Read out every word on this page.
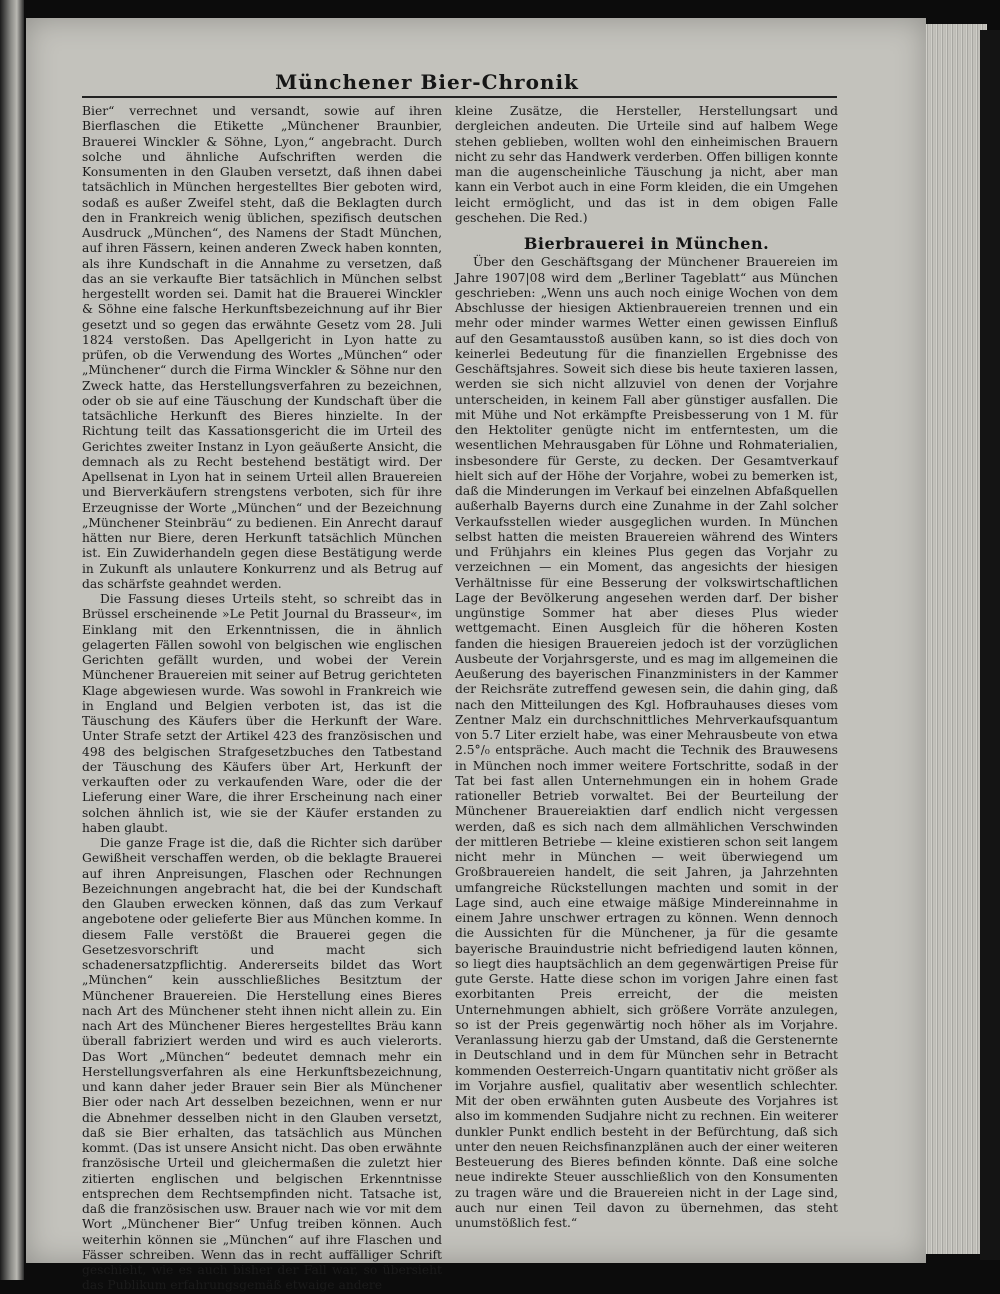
Münchener Bier-Chronik

Bier“ verrechnet und versandt, sowie auf ihren Bierflaschen die Etikette „Münchener Braunbier, Brauerei Winckler & Söhne, Lyon,“ angebracht. Durch solche und ähnliche Aufschriften werden die Konsumenten in den Glauben versetzt, daß ihnen dabei tatsächlich in München hergestelltes Bier geboten wird, sodaß es außer Zweifel steht, daß die Beklagten durch den in Frankreich wenig üblichen, spezifisch deutschen Ausdruck „München“, des Namens der Stadt München, auf ihren Fässern, keinen anderen Zweck haben konnten, als ihre Kundschaft in die Annahme zu versetzen, daß das an sie verkaufte Bier tatsächlich in München selbst hergestellt worden sei. Damit hat die Brauerei Winckler & Söhne eine falsche Herkunftsbezeichnung auf ihr Bier gesetzt und so gegen das erwähnte Gesetz vom 28. Juli 1824 verstoßen. Das Apellgericht in Lyon hatte zu prüfen, ob die Verwendung des Wortes „München“ oder „Münchener“ durch die Firma Winckler & Söhne nur den Zweck hatte, das Herstellungsverfahren zu bezeichnen, oder ob sie auf eine Täuschung der Kundschaft über die tatsächliche Herkunft des Bieres hinzielte. In der Richtung teilt das Kassationsgericht die im Urteil des Gerichtes zweiter Instanz in Lyon geäußerte Ansicht, die demnach als zu Recht bestehend bestätigt wird. Der Apellsenat in Lyon hat in seinem Urteil allen Brauereien und Bierverkäufern strengstens verboten, sich für ihre Erzeugnisse der Worte „München“ und der Bezeichnung „Münchener Steinbräu“ zu bedienen. Ein Anrecht darauf hätten nur Biere, deren Herkunft tatsächlich München ist. Ein Zuwiderhandeln gegen diese Bestätigung werde in Zukunft als unlautere Konkurrenz und als Betrug auf das schärfste geahndet werden.

Die Fassung dieses Urteils steht, so schreibt das in Brüssel erscheinende »Le Petit Journal du Brasseur«, im Einklang mit den Erkenntnissen, die in ähnlich gelagerten Fällen sowohl von belgischen wie englischen Gerichten gefällt wurden, und wobei der Verein Münchener Brauereien mit seiner auf Betrug gerichteten Klage abgewiesen wurde. Was sowohl in Frankreich wie in England und Belgien verboten ist, das ist die Täuschung des Käufers über die Herkunft der Ware. Unter Strafe setzt der Artikel 423 des französischen und 498 des belgischen Strafgesetzbuches den Tatbestand der Täuschung des Käufers über Art, Herkunft der verkauften oder zu verkaufenden Ware, oder die der Lieferung einer Ware, die ihrer Erscheinung nach einer solchen ähnlich ist, wie sie der Käufer erstanden zu haben glaubt.

Die ganze Frage ist die, daß die Richter sich darüber Gewißheit verschaffen werden, ob die beklagte Brauerei auf ihren Anpreisungen, Flaschen oder Rechnungen Bezeichnungen angebracht hat, die bei der Kundschaft den Glauben erwecken können, daß das zum Verkauf angebotene oder gelieferte Bier aus München komme. In diesem Falle verstößt die Brauerei gegen die Gesetzesvorschrift und macht sich schadenersatzpflichtig. Andererseits bildet das Wort „München“ kein ausschließliches Besitztum der Münchener Brauereien. Die Herstellung eines Bieres nach Art des Münchener steht ihnen nicht allein zu. Ein nach Art des Münchener Bieres hergestelltes Bräu kann überall fabriziert werden und wird es auch vielerorts. Das Wort „München“ bedeutet demnach mehr ein Herstellungsverfahren als eine Herkunftsbezeichnung, und kann daher jeder Brauer sein Bier als Münchener Bier oder nach Art desselben bezeichnen, wenn er nur die Abnehmer desselben nicht in den Glauben versetzt, daß sie Bier erhalten, das tatsächlich aus München kommt. (Das ist unsere Ansicht nicht. Das oben erwähnte französische Urteil und gleichermaßen die zuletzt hier zitierten englischen und belgischen Erkenntnisse entsprechen dem Rechtsempfinden nicht. Tatsache ist, daß die französischen usw. Brauer nach wie vor mit dem Wort „Münchener Bier“ Unfug treiben können. Auch weiterhin können sie „München“ auf ihre Flaschen und Fässer schreiben. Wenn das in recht auffälliger Schrift geschieht, wie es auch bisher der Fall war, so übersieht das Publikum erfahrungsgemäß etwaige andere

kleine Zusätze, die Hersteller, Herstellungsart und dergleichen andeuten. Die Urteile sind auf halbem Wege stehen geblieben, wollten wohl den einheimischen Brauern nicht zu sehr das Handwerk verderben. Offen billigen konnte man die augenscheinliche Täuschung ja nicht, aber man kann ein Verbot auch in eine Form kleiden, die ein Umgehen leicht ermöglicht, und das ist in dem obigen Falle geschehen. Die Red.)

Bierbrauerei in München.

Über den Geschäftsgang der Münchener Brauereien im Jahre 1907|08 wird dem „Berliner Tageblatt“ aus München geschrieben: „Wenn uns auch noch einige Wochen von dem Abschlusse der hiesigen Aktienbrauereien trennen und ein mehr oder minder warmes Wetter einen gewissen Einfluß auf den Gesamtausstoß ausüben kann, so ist dies doch von keinerlei Bedeutung für die finanziellen Ergebnisse des Geschäftsjahres. Soweit sich diese bis heute taxieren lassen, werden sie sich nicht allzuviel von denen der Vorjahre unterscheiden, in keinem Fall aber günstiger ausfallen. Die mit Mühe und Not erkämpfte Preisbesserung von 1 M. für den Hektoliter genügte nicht im entferntesten, um die wesentlichen Mehrausgaben für Löhne und Rohmaterialien, insbesondere für Gerste, zu decken. Der Gesamtverkauf hielt sich auf der Höhe der Vorjahre, wobei zu bemerken ist, daß die Minderungen im Verkauf bei einzelnen Abfaßquellen außerhalb Bayerns durch eine Zunahme in der Zahl solcher Verkaufsstellen wieder ausgeglichen wurden. In München selbst hatten die meisten Brauereien während des Winters und Frühjahrs ein kleines Plus gegen das Vorjahr zu verzeichnen — ein Moment, das angesichts der hiesigen Verhältnisse für eine Besserung der volkswirtschaftlichen Lage der Bevölkerung angesehen werden darf. Der bisher ungünstige Sommer hat aber dieses Plus wieder wettgemacht. Einen Ausgleich für die höheren Kosten fanden die hiesigen Brauereien jedoch ist der vorzüglichen Ausbeute der Vorjahrsgerste, und es mag im allgemeinen die Aeußerung des bayerischen Finanzministers in der Kammer der Reichsräte zutreffend gewesen sein, die dahin ging, daß nach den Mitteilungen des Kgl. Hofbrauhauses dieses vom Zentner Malz ein durchschnittliches Mehrverkaufsquantum von 5.7 Liter erzielt habe, was einer Mehrausbeute von etwa 2.5°/₀ entspräche. Auch macht die Technik des Brauwesens in München noch immer weitere Fortschritte, sodaß in der Tat bei fast allen Unternehmungen ein in hohem Grade rationeller Betrieb vorwaltet. Bei der Beurteilung der Münchener Brauereiaktien darf endlich nicht vergessen werden, daß es sich nach dem allmählichen Verschwinden der mittleren Betriebe — kleine existieren schon seit langem nicht mehr in München — weit überwiegend um Großbrauereien handelt, die seit Jahren, ja Jahrzehnten umfangreiche Rückstellungen machten und somit in der Lage sind, auch eine etwaige mäßige Mindereinnahme in einem Jahre unschwer ertragen zu können. Wenn dennoch die Aussichten für die Münchener, ja für die gesamte bayerische Brauindustrie nicht befriedigend lauten können, so liegt dies hauptsächlich an dem gegenwärtigen Preise für gute Gerste. Hatte diese schon im vorigen Jahre einen fast exorbitanten Preis erreicht, der die meisten Unternehmungen abhielt, sich größere Vorräte anzulegen, so ist der Preis gegenwärtig noch höher als im Vorjahre. Veranlassung hierzu gab der Umstand, daß die Gerstenernte in Deutschland und in dem für München sehr in Betracht kommenden Oesterreich-Ungarn quantitativ nicht größer als im Vorjahre ausfiel, qualitativ aber wesentlich schlechter. Mit der oben erwähnten guten Ausbeute des Vorjahres ist also im kommenden Sudjahre nicht zu rechnen. Ein weiterer dunkler Punkt endlich besteht in der Befürchtung, daß sich unter den neuen Reichsfinanzplänen auch der einer weiteren Besteuerung des Bieres befinden könnte. Daß eine solche neue indirekte Steuer ausschließlich von den Konsumenten zu tragen wäre und die Brauereien nicht in der Lage sind, auch nur einen Teil davon zu übernehmen, das steht unumstößlich fest.“
